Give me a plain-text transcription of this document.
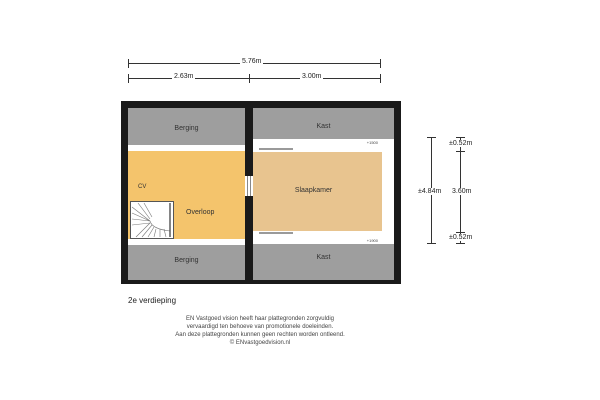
5.76m
2.63m	3.00m
Berging
Overloop
CV
Berging
Kast
+1500
Slaapkamer
+1900
Kast
±4.84m
±0.52m
3.60m
±0.52m
2e verdieping
EN Vastgoed vision heeft haar plattegronden zorgvuldig
vervaardigd ten behoeve van promotionele doeleinden.
Aan deze plattegronden kunnen geen rechten worden ontleend.
© ENvastgoedvision.nl
